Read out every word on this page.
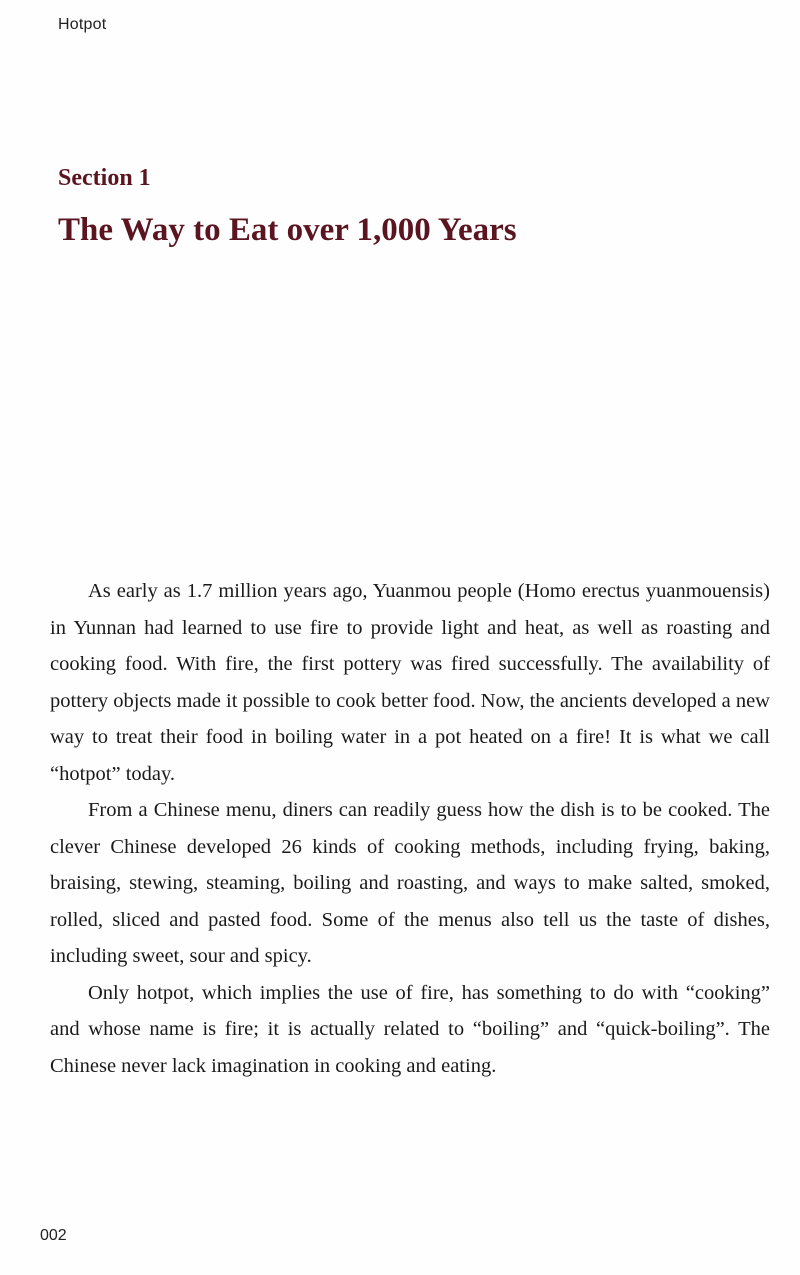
Hotpot
Section 1
The Way to Eat over 1,000 Years

As early as 1.7 million years ago, Yuanmou people (Homo erectus yuanmouensis) in Yunnan had learned to use fire to provide light and heat, as well as roasting and cooking food. With fire, the first pottery was fired successfully. The availability of pottery objects made it possible to cook better food. Now, the ancients developed a new way to treat their food in boiling water in a pot heated on a fire! It is what we call “hotpot” today.

From a Chinese menu, diners can readily guess how the dish is to be cooked. The clever Chinese developed 26 kinds of cooking methods, including frying, baking, braising, stewing, steaming, boiling and roasting, and ways to make salted, smoked, rolled, sliced and pasted food. Some of the menus also tell us the taste of dishes, including sweet, sour and spicy.

Only hotpot, which implies the use of fire, has something to do with “cooking” and whose name is fire; it is actually related to “boiling” and “quick-boiling”. The Chinese never lack imagination in cooking and eating.

002
